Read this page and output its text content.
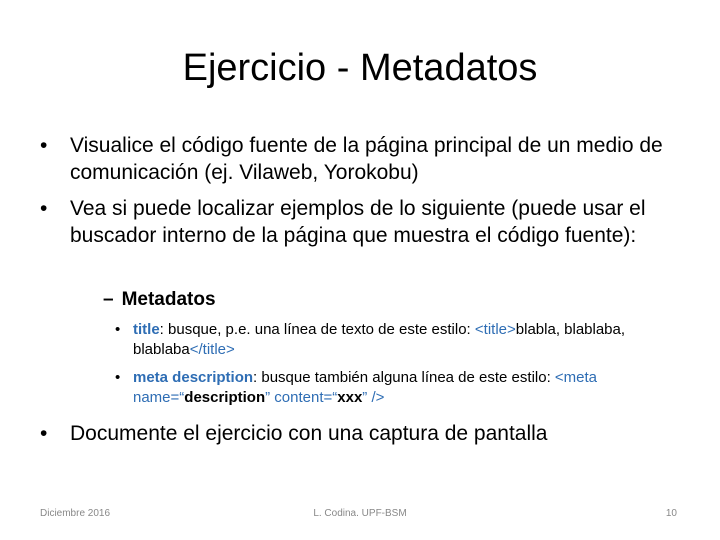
Ejercicio - Metadatos
• Visualice el código fuente de la página principal de un medio de comunicación (ej. Vilaweb, Yorokobu)
• Vea si puede localizar ejemplos de lo siguiente (puede usar el buscador interno de la página que muestra el código fuente):
– Metadatos
• title: busque, p.e. una línea de texto de este estilo: <title>blabla, blablaba, blablaba</title>
• meta description: busque también alguna línea de este estilo: <meta name=“description” content=“xxx” />
• Documente el ejercicio con una captura de pantalla
Diciembre 2016	L. Codina. UPF-BSM	10
